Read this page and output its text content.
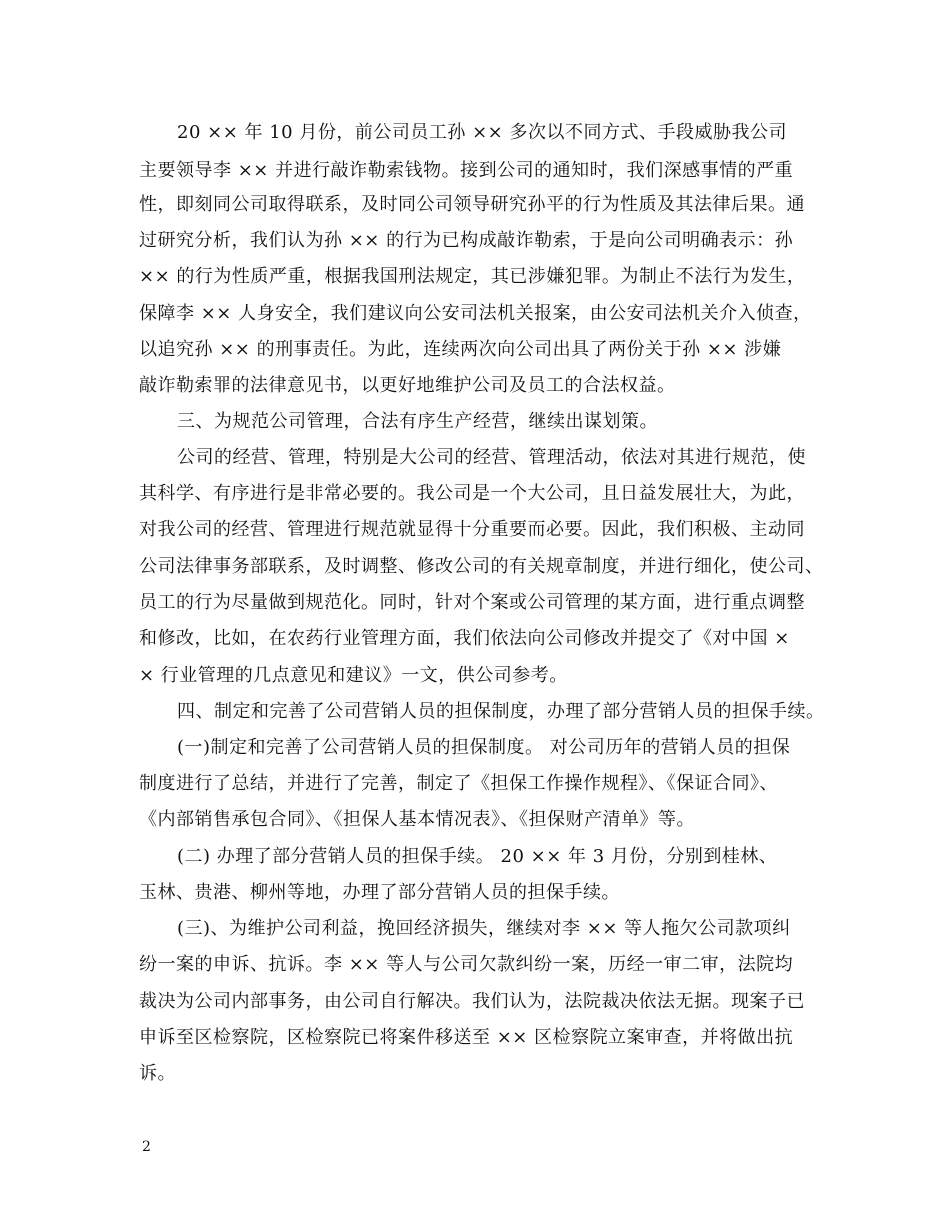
20 ×× 年 10 月份，前公司员工孙 ×× 多次以不同方式、手段威胁我公司
主要领导李 ×× 并进行敲诈勒索钱物。接到公司的通知时，我们深感事情的严重
性，即刻同公司取得联系，及时同公司领导研究孙平的行为性质及其法律后果。通
过研究分析，我们认为孙 ×× 的行为已构成敲诈勒索，于是向公司明确表示：孙
×× 的行为性质严重，根据我国刑法规定，其已涉嫌犯罪。为制止不法行为发生，
保障李 ×× 人身安全，我们建议向公安司法机关报案，由公安司法机关介入侦查，
以追究孙 ×× 的刑事责任。为此，连续两次向公司出具了两份关于孙 ×× 涉嫌
敲诈勒索罪的法律意见书，以更好地维护公司及员工的合法权益。
三、为规范公司管理，合法有序生产经营，继续出谋划策。
公司的经营、管理，特别是大公司的经营、管理活动，依法对其进行规范，使
其科学、有序进行是非常必要的。我公司是一个大公司，且日益发展壮大，为此，
对我公司的经营、管理进行规范就显得十分重要而必要。因此，我们积极、主动同
公司法律事务部联系，及时调整、修改公司的有关规章制度，并进行细化，使公司、
员工的行为尽量做到规范化。同时，针对个案或公司管理的某方面，进行重点调整
和修改，比如，在农药行业管理方面，我们依法向公司修改并提交了《对中国 ×
× 行业管理的几点意见和建议》一文，供公司参考。
四、制定和完善了公司营销人员的担保制度，办理了部分营销人员的担保手续。
(一)制定和完善了公司营销人员的担保制度。 对公司历年的营销人员的担保
制度进行了总结，并进行了完善，制定了《担保工作操作规程》、《保证合同》、
《内部销售承包合同》、《担保人基本情况表》、《担保财产清单》等。
(二) 办理了部分营销人员的担保手续。 20 ×× 年 3 月份，分别到桂林、
玉林、贵港、柳州等地，办理了部分营销人员的担保手续。
(三)、为维护公司利益，挽回经济损失，继续对李 ×× 等人拖欠公司款项纠
纷一案的申诉、抗诉。李 ×× 等人与公司欠款纠纷一案，历经一审二审，法院均
裁决为公司内部事务，由公司自行解决。我们认为，法院裁决依法无据。现案子已
申诉至区检察院，区检察院已将案件移送至 ×× 区检察院立案审查，并将做出抗
诉。
2
